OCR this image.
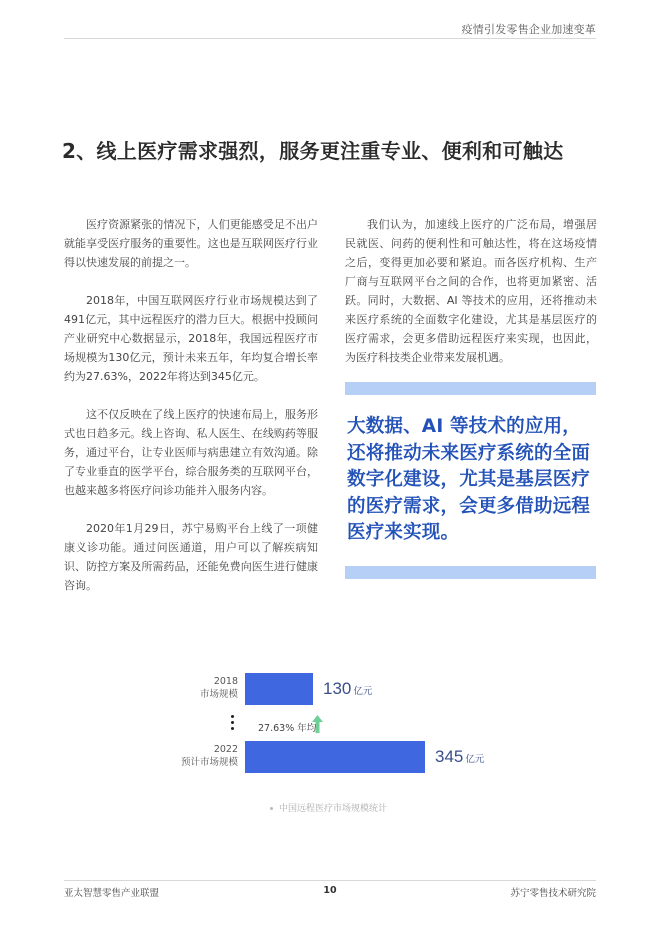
疫情引发零售企业加速变革
2、线上医疗需求强烈，服务更注重专业、便利和可触达

医疗资源紧张的情况下，人们更能感受足不出户就能享受医疗服务的重要性。这也是互联网医疗行业得以快速发展的前提之一。

2018年，中国互联网医疗行业市场规模达到了491亿元，其中远程医疗的潜力巨大。根据中投顾问产业研究中心数据显示，2018年，我国远程医疗市场规模为130亿元，预计未来五年，年均复合增长率约为27.63%，2022年将达到345亿元。

这不仅反映在了线上医疗的快速布局上，服务形式也日趋多元。线上咨询、私人医生、在线购药等服务，通过平台，让专业医师与病患建立有效沟通。除了专业垂直的医学平台，综合服务类的互联网平台，也越来越多将医疗问诊功能并入服务内容。

2020年1月29日，苏宁易购平台上线了一项健康义诊功能。通过问医通道，用户可以了解疾病知识、防控方案及所需药品，还能免费向医生进行健康咨询。

我们认为，加速线上医疗的广泛布局，增强居民就医、问药的便利性和可触达性，将在这场疫情之后，变得更加必要和紧迫。而各医疗机构、生产厂商与互联网平台之间的合作，也将更加紧密、活跃。同时，大数据、AI 等技术的应用，还将推动未来医疗系统的全面数字化建设，尤其是基层医疗的医疗需求，会更多借助远程医疗来实现，也因此，为医疗科技类企业带来发展机遇。

大数据、AI 等技术的应用，还将推动未来医疗系统的全面数字化建设，尤其是基层医疗的医疗需求，会更多借助远程医疗来实现。
2018
市场规模	130 亿元
27.63% 年均
2022
预计市场规模	345 亿元
中国远程医疗市场规模统计
亚太智慧零售产业联盟	10	苏宁零售技术研究院
